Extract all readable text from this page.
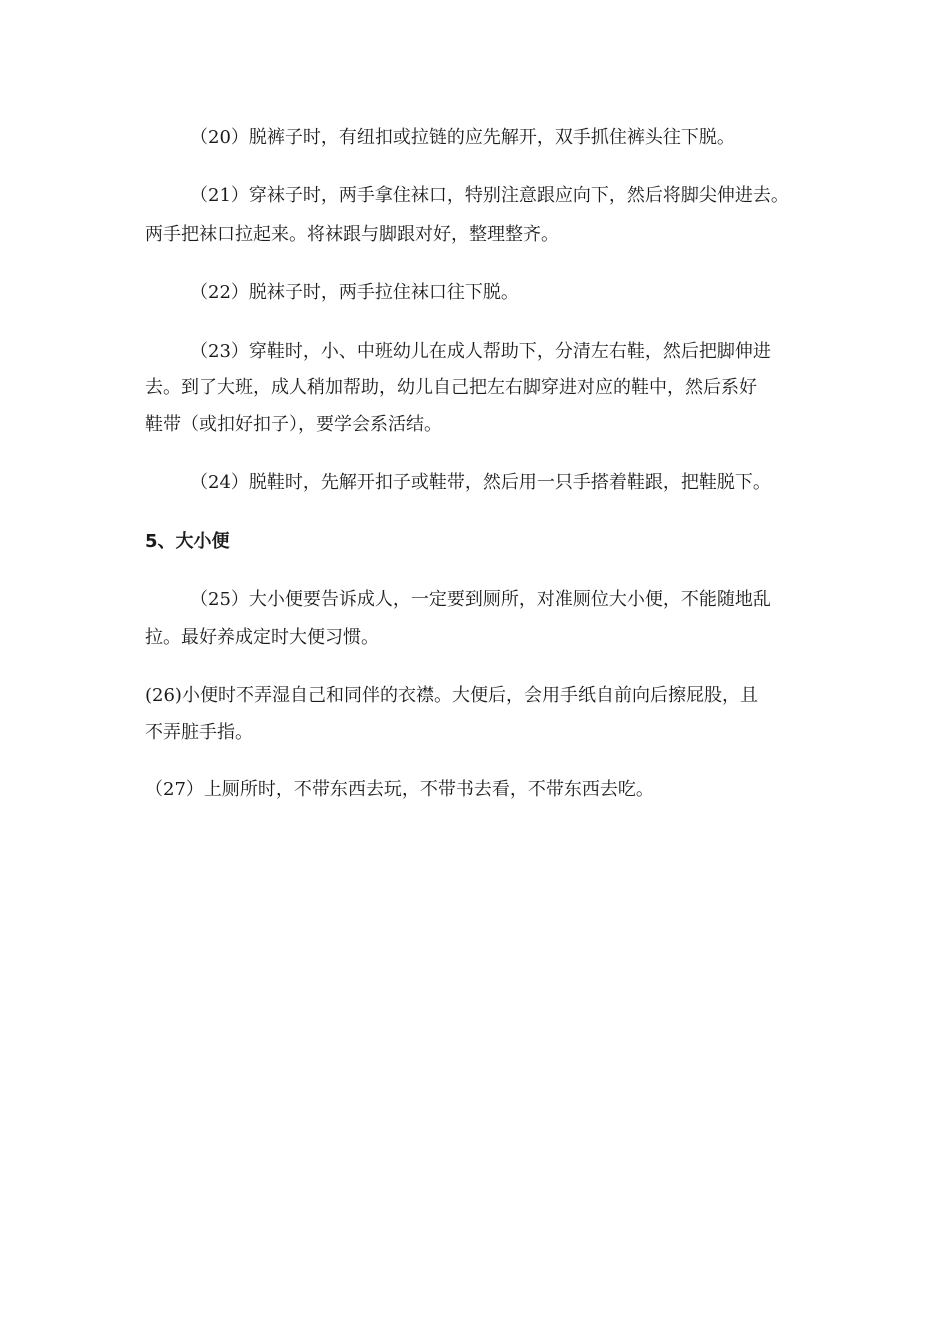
（20）脱裤子时，有纽扣或拉链的应先解开，双手抓住裤头往下脱。
（21）穿袜子时，两手拿住袜口，特别注意跟应向下，然后将脚尖伸进去。
两手把袜口拉起来。将袜跟与脚跟对好，整理整齐。
（22）脱袜子时，两手拉住袜口往下脱。
（23）穿鞋时，小、中班幼儿在成人帮助下，分清左右鞋，然后把脚伸进
去。到了大班，成人稍加帮助，幼儿自己把左右脚穿进对应的鞋中，然后系好
鞋带（或扣好扣子），要学会系活结。
（24）脱鞋时，先解开扣子或鞋带，然后用一只手搭着鞋跟，把鞋脱下。
5、大小便
（25）大小便要告诉成人，一定要到厕所，对准厕位大小便，不能随地乱
拉。最好养成定时大便习惯。
(26)小便时不弄湿自己和同伴的衣襟。大便后，会用手纸自前向后擦屁股，且
不弄脏手指。
（27）上厕所时，不带东西去玩，不带书去看，不带东西去吃。
